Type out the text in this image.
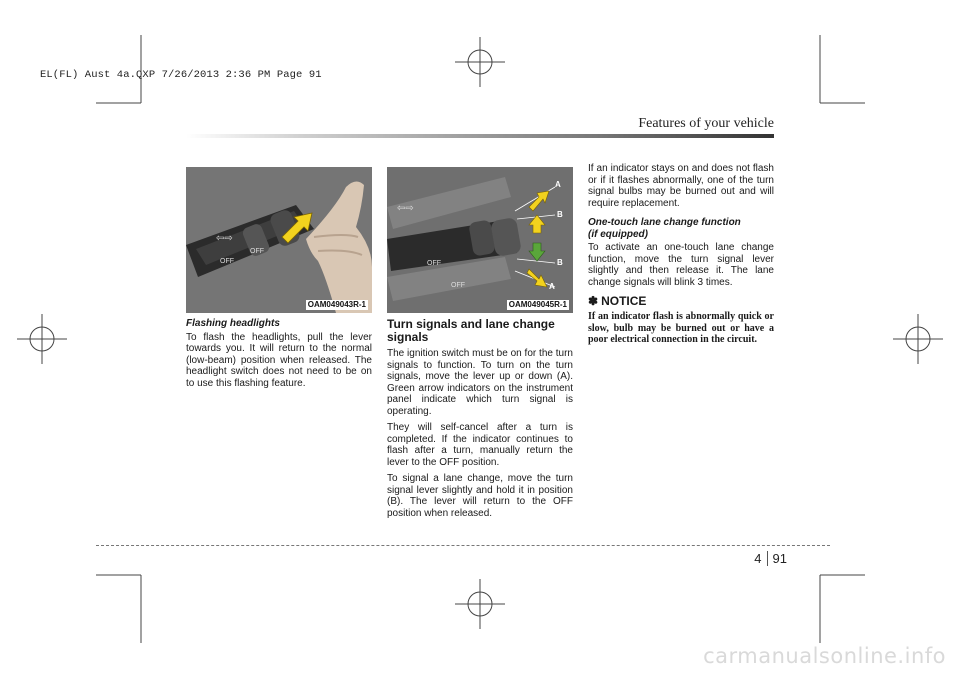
EL(FL) Aust 4a.QXP 7/26/2013 2:36 PM Page 91
Features of your vehicle
OFF
OFF
⇦⇨
OAM049043R-1
⇦⇨
OFF
OFF
A
B
B
A
OAM049045R-1
Flashing headlights

To flash the headlights, pull the lever towards you. It will return to the normal (low-beam) position when released. The headlight switch does not need to be on to use this flashing feature.

Turn signals and lane change signals

The ignition switch must be on for the turn signals to function. To turn on the turn signals, move the lever up or down (A). Green arrow indicators on the instrument panel indicate which turn signal is operating.

They will self-cancel after a turn is completed. If the indicator continues to flash after a turn, manually return the lever to the OFF position.

To signal a lane change, move the turn signal lever slightly and hold it in position (B). The lever will return to the OFF position when released.

If an indicator stays on and does not flash or if it flashes abnormally, one of the turn signal bulbs may be burned out and will require replacement.

One-touch lane change function
(if equipped)

To activate an one-touch lane change function, move the turn signal lever slightly and then release it. The lane change signals will blink 3 times.

✽ NOTICE

If an indicator flash is abnormally quick or slow, bulb may be burned out or have a poor electrical connection in the circuit.

4 91
carmanualsonline.info
